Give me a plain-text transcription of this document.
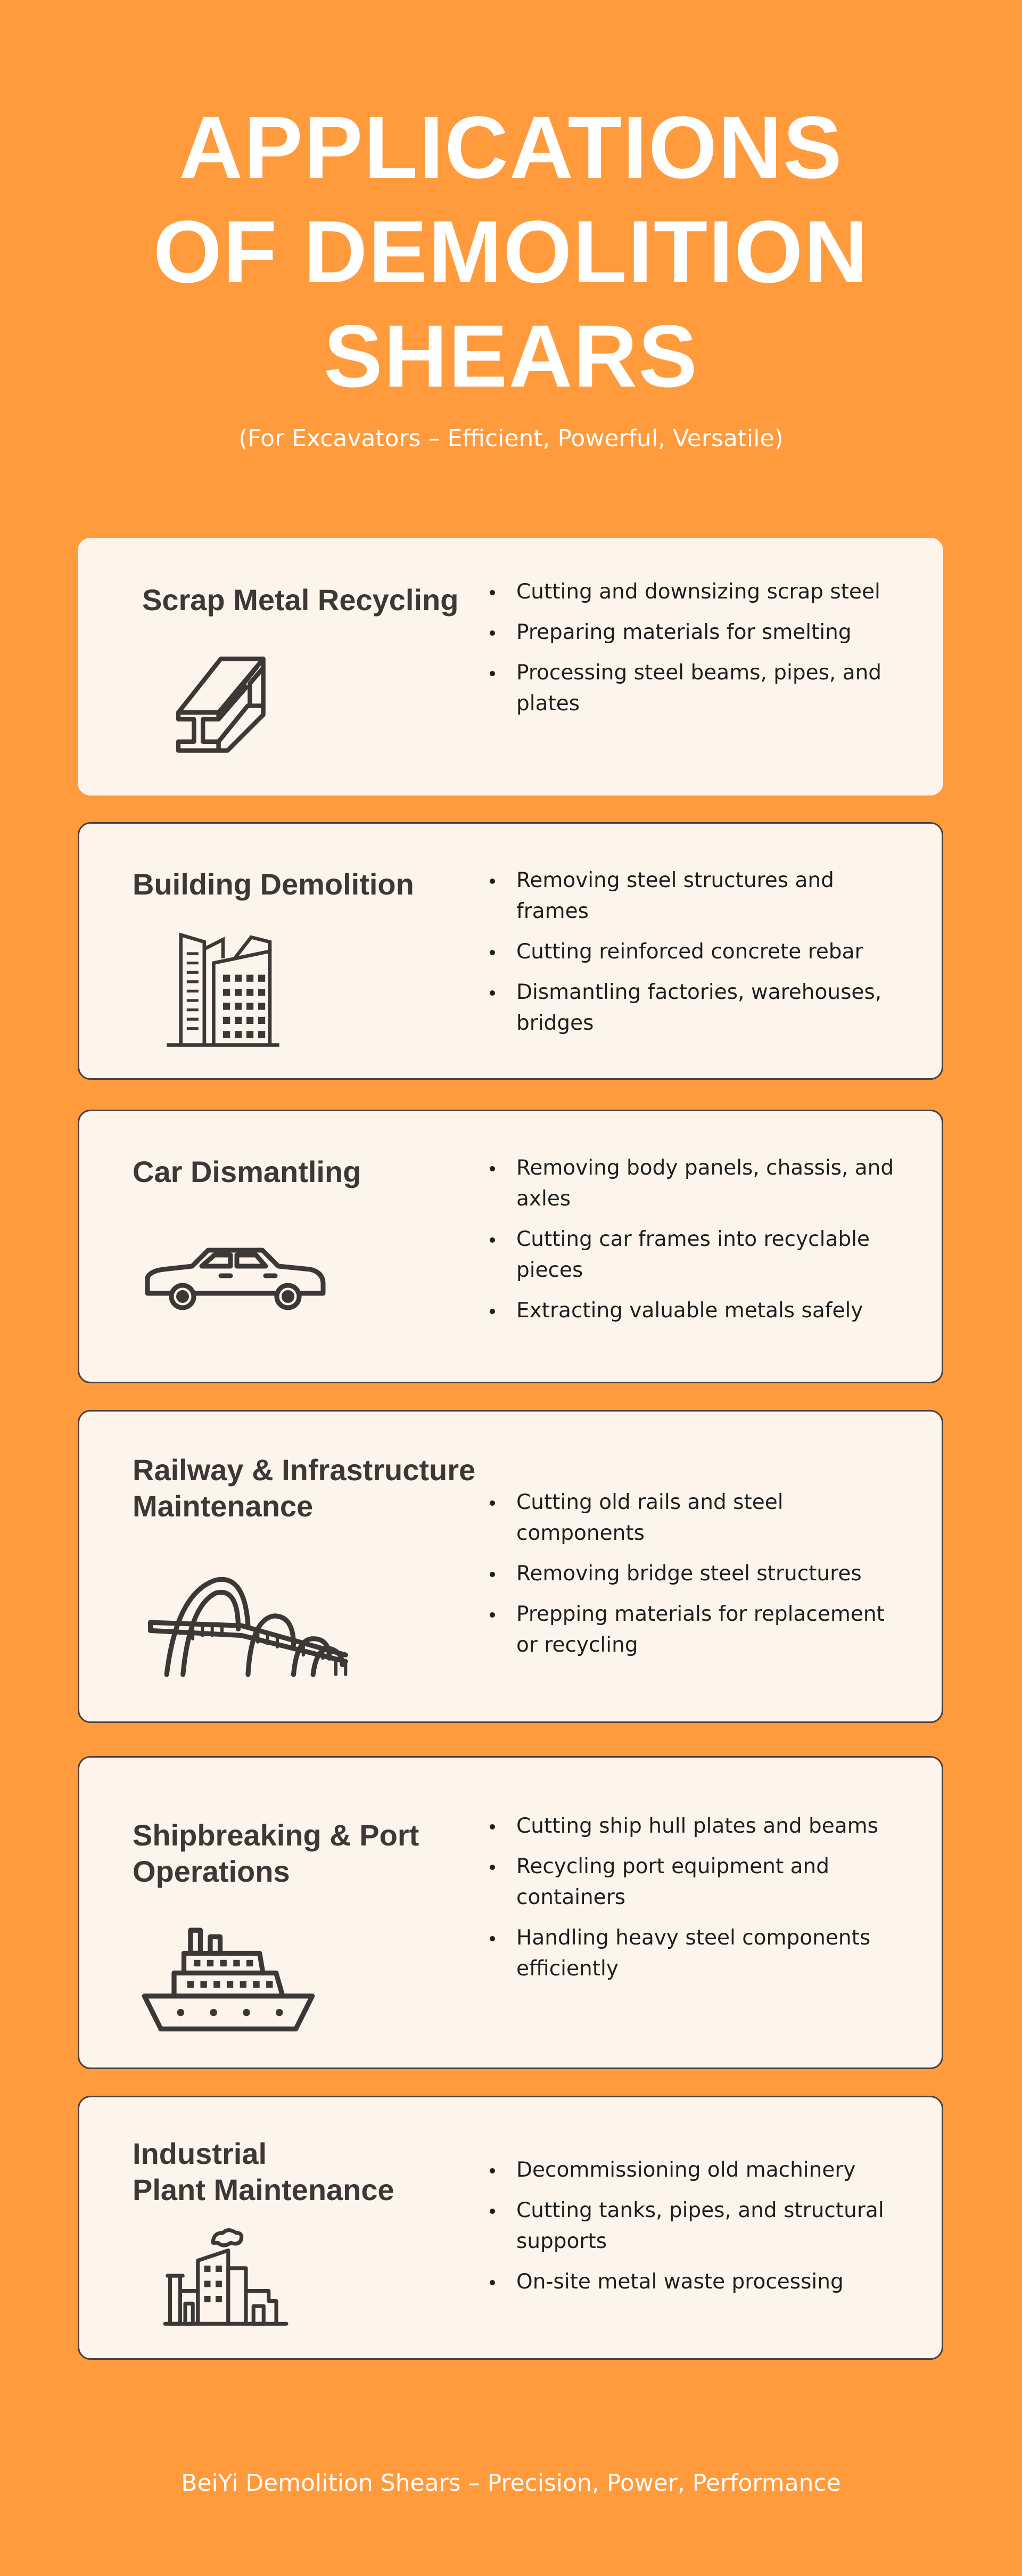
APPLICATIONS
OF DEMOLITION
SHEARS
(For Excavators – Efficient, Powerful, Versatile)
Scrap Metal Recycling	Cutting and downsizing scrap steel
Preparing materials for smelting
Processing steel beams, pipes, and plates
Building Demolition	Removing steel structures and frames
Cutting reinforced concrete rebar
Dismantling factories, warehouses, bridges
Car Dismantling	Removing body panels, chassis, and axles
Cutting car frames into recyclable pieces
Extracting valuable metals safely
Railway & Infrastructure
Maintenance	Cutting old rails and steel components
Removing bridge steel structures
Prepping materials for replacement or recycling
Shipbreaking & Port
Operations
Cutting ship hull plates and beams
Recycling port equipment and containers
Handling heavy steel components efficiently
Industrial
Plant Maintenance
Decommissioning old machinery
Cutting tanks, pipes, and structural supports
On-site metal waste processing
BeiYi Demolition Shears – Precision, Power, Performance
